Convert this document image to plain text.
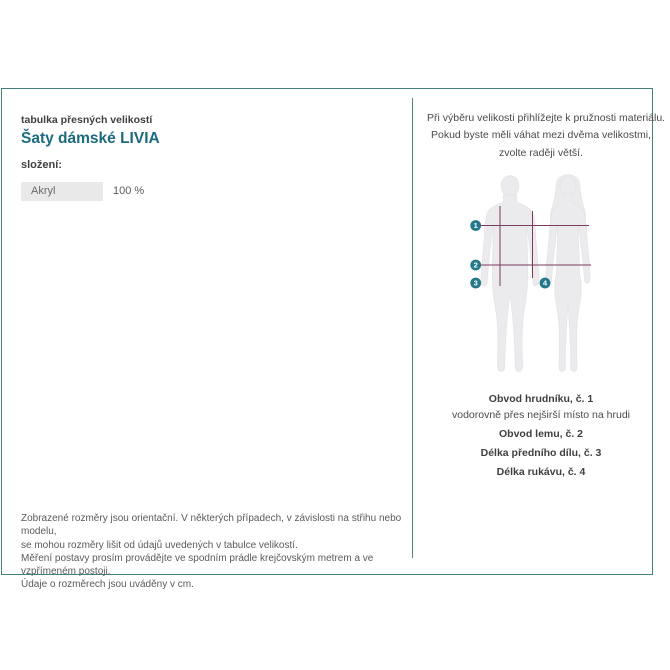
tabulka přesných velikostí
Šaty dámské LIVIA
složení:
Akryl	100 %
Zobrazené rozměry jsou orientační. V některých případech, v závislosti na střihu nebo modelu,
se mohou rozměry lišit od údajů uvedených v tabulce velikostí.
Měření postavy prosím provádějte ve spodním prádle krejčovským metrem a ve vzpřímeném postoji.
Údaje o rozměrech jsou uváděny v cm.
Při výběru velikosti přihlížejte k pružnosti materiálu.
Pokud byste měli váhat mezi dvěma velikostmi,
zvolte raději větší.
1
2
3	4
Obvod hrudníku, č. 1
vodorovně přes nejširší místo na hrudi
Obvod lemu, č. 2
Délka předního dílu, č. 3
Délka rukávu, č. 4
